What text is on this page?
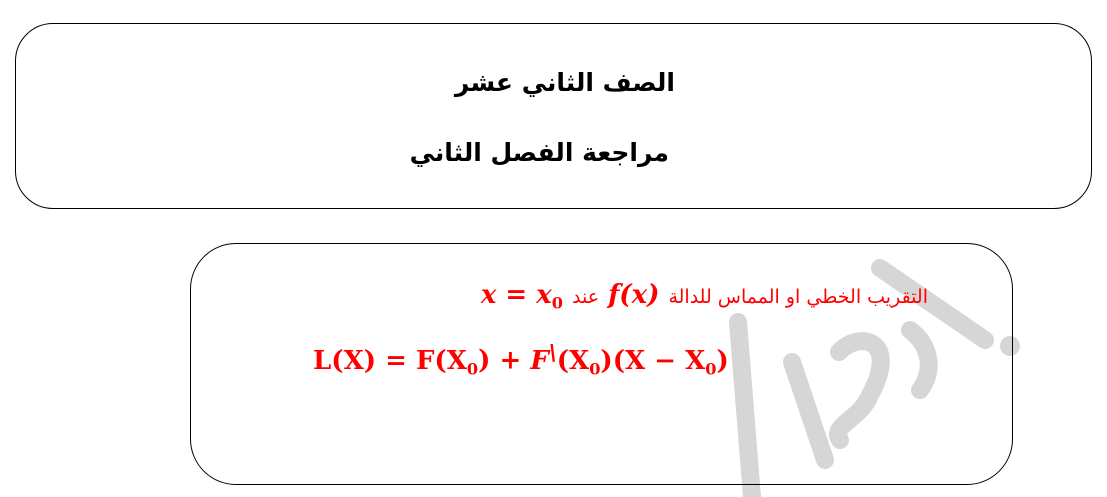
الصف الثاني عشر
مراجعة الفصل الثاني
التقريب الخطي او المماس للدالة f(x) عند $x = x_0$
$L(X) = F(X_0) + F^\backslash(X_0)(X - X_0)$
